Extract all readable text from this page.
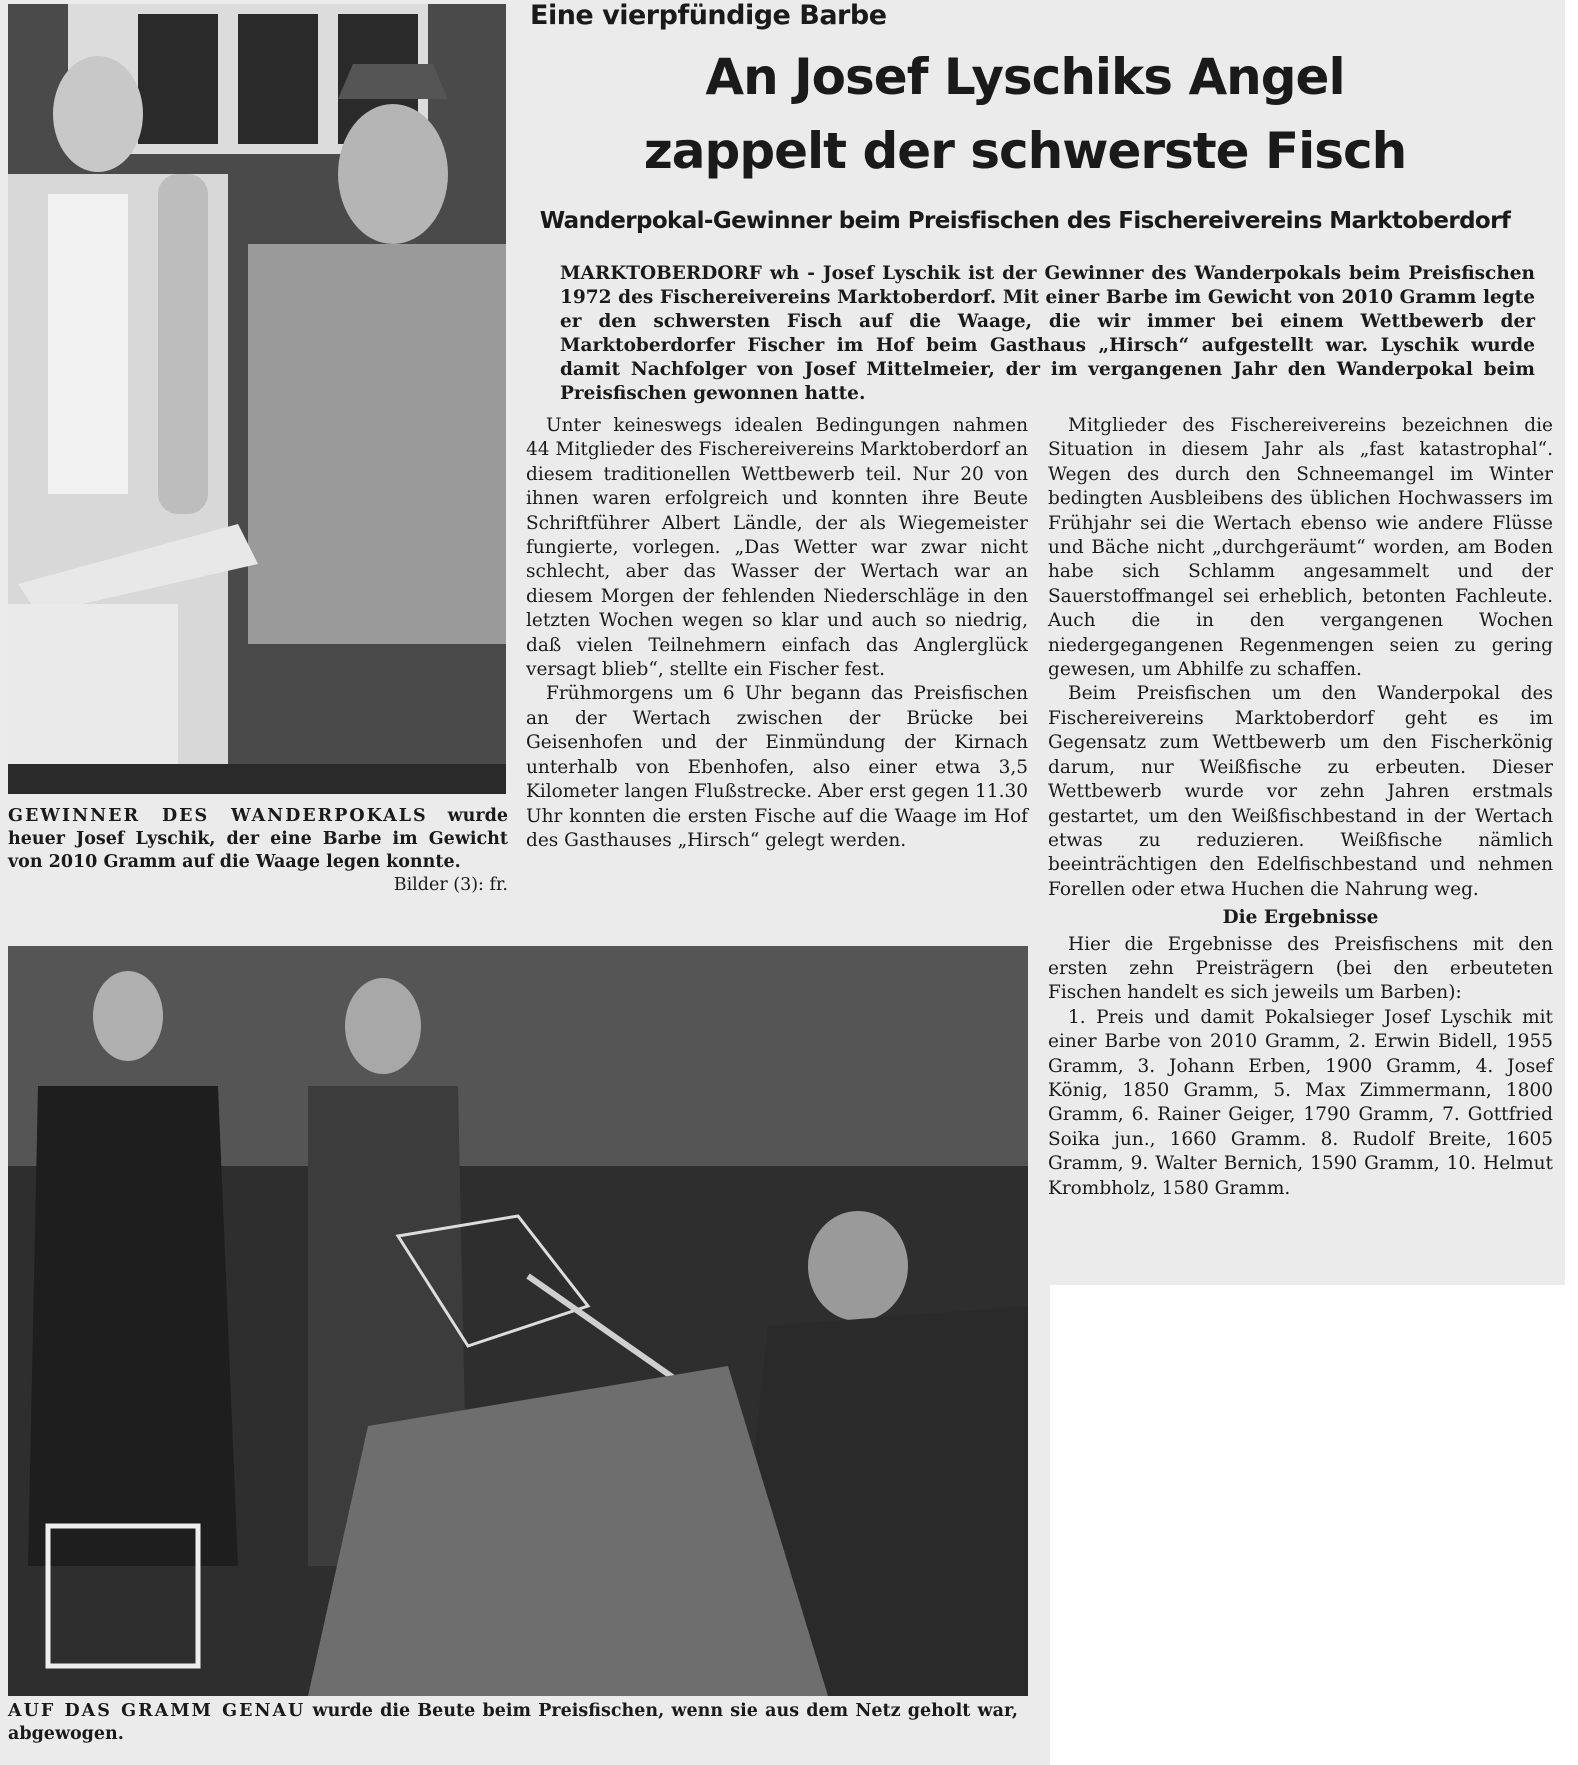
GEWINNER DES WANDERPOKALS wurde heuer Josef Lyschik, der eine Barbe im Gewicht von 2010 Gramm auf die Waage legen konnte.
Bilder (3): fr.
Eine vierpfündige Barbe
An Josef Lyschiks Angel
zappelt der schwerste Fisch
Wanderpokal-Gewinner beim Preisfischen des Fischereivereins Marktoberdorf
MARKTOBERDORF wh - Josef Lyschik ist der Gewinner des Wanderpokals beim Preisfischen 1972 des Fischereivereins Marktoberdorf. Mit einer Barbe im Gewicht von 2010 Gramm legte er den schwersten Fisch auf die Waage, die wir immer bei einem Wettbewerb der Marktoberdorfer Fischer im Hof beim Gasthaus „Hirsch“ aufgestellt war. Lyschik wurde damit Nachfolger von Josef Mittelmeier, der im vergangenen Jahr den Wanderpokal beim Preisfischen gewonnen hatte.

Unter keineswegs idealen Bedingungen nahmen 44 Mitglieder des Fischereivereins Marktoberdorf an diesem traditionellen Wettbewerb teil. Nur 20 von ihnen waren erfolgreich und konnten ihre Beute Schriftführer Albert Ländle, der als Wiegemeister fungierte, vorlegen. „Das Wetter war zwar nicht schlecht, aber das Wasser der Wertach war an diesem Morgen der fehlenden Niederschläge in den letzten Wochen wegen so klar und auch so niedrig, daß vielen Teilnehmern einfach das Anglerglück versagt blieb“, stellte ein Fischer fest.

Frühmorgens um 6 Uhr begann das Preisfischen an der Wertach zwischen der Brücke bei Geisenhofen und der Einmündung der Kirnach unterhalb von Ebenhofen, also einer etwa 3,5 Kilometer langen Flußstrecke. Aber erst gegen 11.30 Uhr konnten die ersten Fische auf die Waage im Hof des Gasthauses „Hirsch“ gelegt werden.

Mitglieder des Fischereivereins bezeichnen die Situation in diesem Jahr als „fast katastrophal“. Wegen des durch den Schneemangel im Winter bedingten Ausbleibens des üblichen Hochwassers im Frühjahr sei die Wertach ebenso wie andere Flüsse und Bäche nicht „durchgeräumt“ worden, am Boden habe sich Schlamm angesammelt und der Sauerstoffmangel sei erheblich, betonten Fachleute. Auch die in den vergangenen Wochen niedergegangenen Regenmengen seien zu gering gewesen, um Abhilfe zu schaffen.

Beim Preisfischen um den Wanderpokal des Fischereivereins Marktoberdorf geht es im Gegensatz zum Wettbewerb um den Fischerkönig darum, nur Weißfische zu erbeuten. Dieser Wettbewerb wurde vor zehn Jahren erstmals gestartet, um den Weißfischbestand in der Wertach etwas zu reduzieren. Weißfische nämlich beeinträchtigen den Edelfischbestand und nehmen Forellen oder etwa Huchen die Nahrung weg.

Die Ergebnisse

Hier die Ergebnisse des Preisfischens mit den ersten zehn Preisträgern (bei den erbeuteten Fischen handelt es sich jeweils um Barben):

1. Preis und damit Pokalsieger Josef Lyschik mit einer Barbe von 2010 Gramm, 2. Erwin Bidell, 1955 Gramm, 3. Johann Erben, 1900 Gramm, 4. Josef König, 1850 Gramm, 5. Max Zimmermann, 1800 Gramm, 6. Rainer Geiger, 1790 Gramm, 7. Gottfried Soika jun., 1660 Gramm. 8. Rudolf Breite, 1605 Gramm, 9. Walter Bernich, 1590 Gramm, 10. Helmut Krombholz, 1580 Gramm.

AUF DAS GRAMM GENAU wurde die Beute beim Preisfischen, wenn sie aus dem Netz geholt war, abgewogen.
